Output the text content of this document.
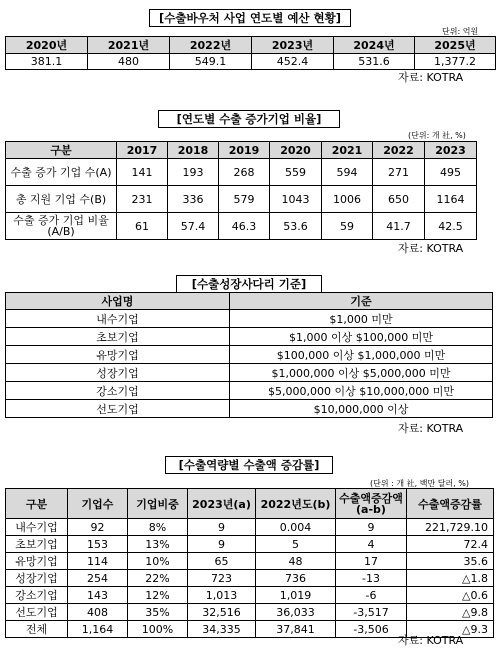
[수출바우처 사업 연도별 예산 현황]
단위: 억원
2020년	2021년	2022년	2023년	2024년	2025년
381.1	480	549.1	452.4	531.6	1,377.2
자료: KOTRA
[연도별 수출 증가기업 비율]
(단위: 개 社, %)
구분	2017	2018	2019	2020	2021	2022	2023
수출 증가 기업 수(A)	141	193	268	559	594	271	495
총 지원 기업 수(B)	231	336	579	1043	1006	650	1164
수출 증가 기업 비율(A/B)	61	57.4	46.3	53.6	59	41.7	42.5
자료: KOTRA
[수출성장사다리 기준]
사업명	기준
내수기업	$1,000 미만
초보기업	$1,000 이상 $100,000 미만
유망기업	$100,000 이상 $1,000,000 미만
성장기업	$1,000,000 이상 $5,000,000 미만
강소기업	$5,000,000 이상 $10,000,000 미만
선도기업	$10,000,000 이상
자료: KOTRA
[수출역량별 수출액 증감률]
(단위 : 개 社, 백만 달러, %)
구분	기업수	기업비중	2023년(a)	2022년도(b)	수출액증감액 (a-b)	수출액증감률
내수기업	92	8%	9	0.004	9	221,729.10
초보기업	153	13%	9	5	4	72.4
유망기업	114	10%	65	48	17	35.6
성장기업	254	22%	723	736	-13	△1.8
강소기업	143	12%	1,013	1,019	-6	△0.6
선도기업	408	35%	32,516	36,033	-3,517	△9.8
전체	1,164	100%	34,335	37,841	-3,506	△9.3
자료: KOTRA
